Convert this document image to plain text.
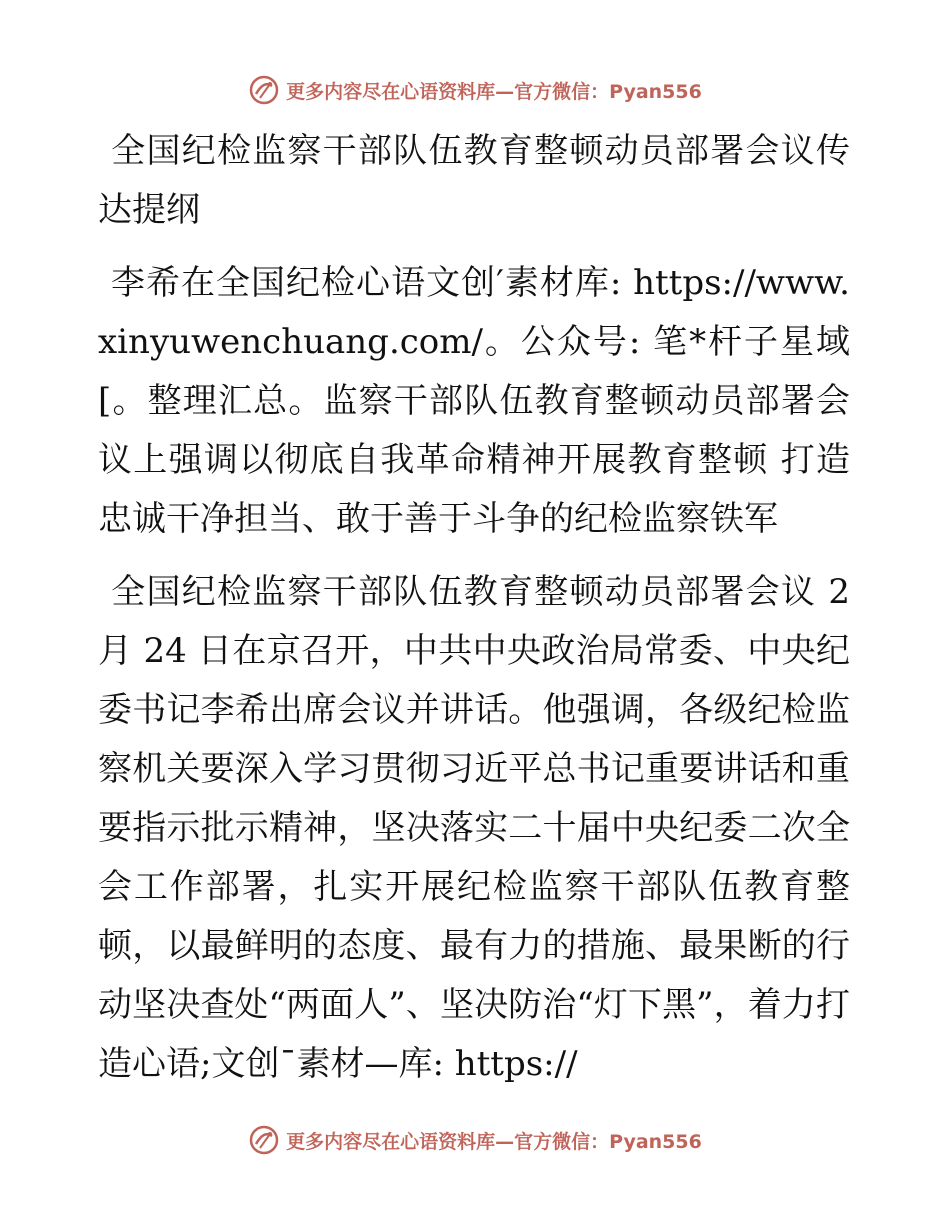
更多内容尽在心语资料库—官方微信：Pyan556

全国纪检监察干部队伍教育整顿动员部署会议传达提纲

李希在全国纪检心语文创′素材库: https://www.xinyuwenchuang.com/。公众号: 笔*杆子星域[。整理汇总。监察干部队伍教育整顿动员部署会议上强调以彻底自我革命精神开展教育整顿 打造忠诚干净担当、敢于善于斗争的纪检监察铁军

全国纪检监察干部队伍教育整顿动员部署会议 2 月 24 日在京召开，中共中央政治局常委、中央纪委书记李希出席会议并讲话。他强调，各级纪检监察机关要深入学习贯彻习近平总书记重要讲话和重要指示批示精神，坚决落实二十届中央纪委二次全会工作部署，扎实开展纪检监察干部队伍教育整顿，以最鲜明的态度、最有力的措施、最果断的行动坚决查处“两面人”、坚决防治“灯下黑”，着力打造心语;文创¯素材—库: https://

更多内容尽在心语资料库—官方微信：Pyan556
